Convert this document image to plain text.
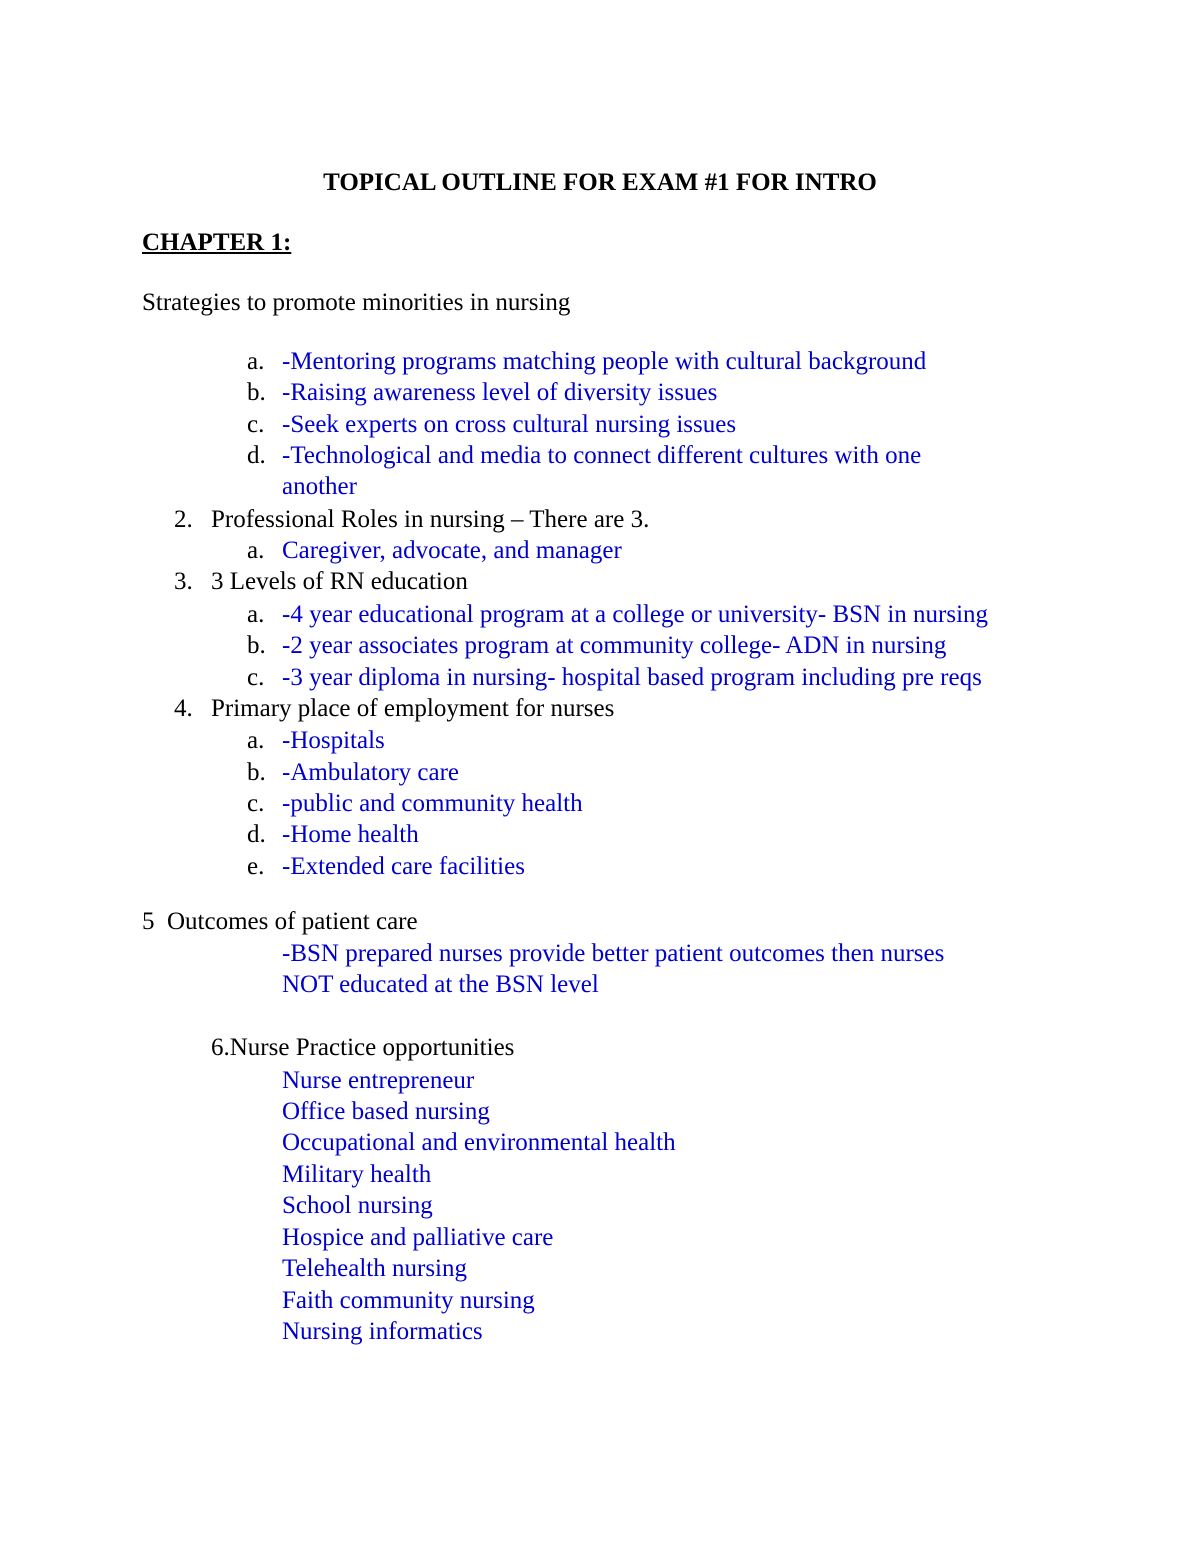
TOPICAL OUTLINE FOR EXAM #1 FOR INTRO
CHAPTER 1:
Strategies to promote minorities in nursing
a. -Mentoring programs matching people with cultural background
b. -Raising awareness level of diversity issues
c. -Seek experts on cross cultural nursing issues
d. -Technological and media to connect different cultures with one
another
2. Professional Roles in nursing – There are 3.
a. Caregiver, advocate, and manager
3. 3 Levels of RN education
a. -4 year educational program at a college or university- BSN in nursing
b. -2 year associates program at community college- ADN in nursing
c. -3 year diploma in nursing- hospital based program including pre reqs
4. Primary place of employment for nurses
a. -Hospitals
b. -Ambulatory care
c. -public and community health
d. -Home health
e. -Extended care facilities
5  Outcomes of patient care
-BSN prepared nurses provide better patient outcomes then nurses
NOT educated at the BSN level
6.Nurse Practice opportunities
Nurse entrepreneur
Office based nursing
Occupational and environmental health
Military health
School nursing
Hospice and palliative care
Telehealth nursing
Faith community nursing
Nursing informatics
